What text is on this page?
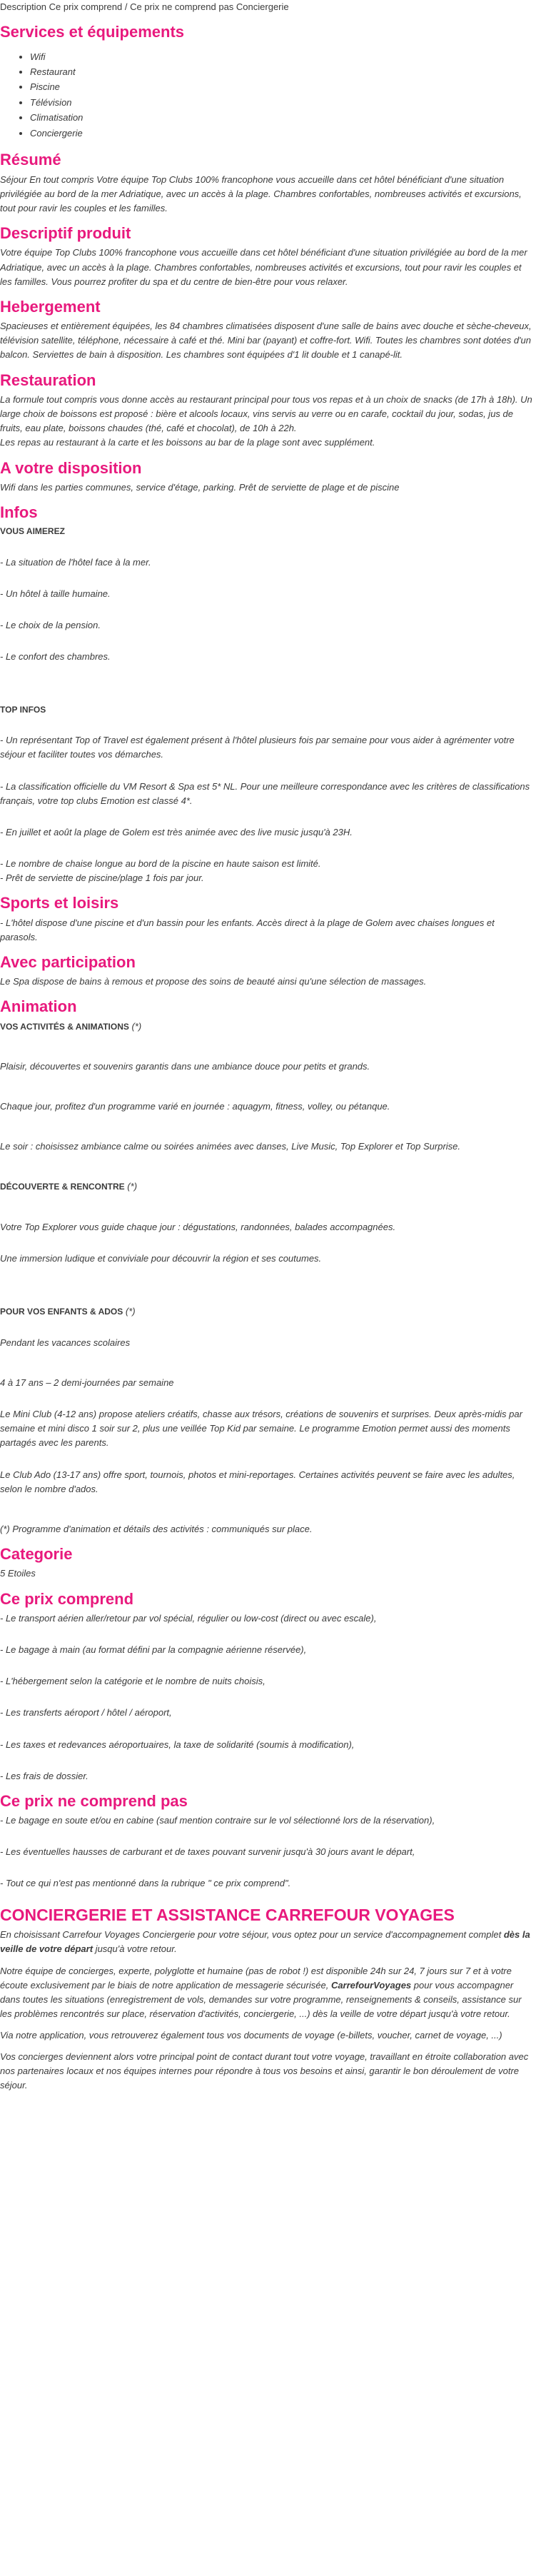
Description Ce prix comprend / Ce prix ne comprend pas Conciergerie

Services et équipements
• Wifi
• Restaurant
• Piscine
• Télévision
• Climatisation
• Conciergerie
Résumé

Séjour En tout compris Votre équipe Top Clubs 100% francophone vous accueille dans cet hôtel bénéficiant d'une situation privilégiée au bord de la mer Adriatique, avec un accès à la plage. Chambres confortables, nombreuses activités et excursions, tout pour ravir les couples et les familles.

Descriptif produit

Votre équipe Top Clubs 100% francophone vous accueille dans cet hôtel bénéficiant d'une situation privilégiée au bord de la mer Adriatique, avec un accès à la plage. Chambres confortables, nombreuses activités et excursions, tout pour ravir les couples et les familles. Vous pourrez profiter du spa et du centre de bien-être pour vous relaxer.

Hebergement

Spacieuses et entièrement équipées, les 84 chambres climatisées disposent d'une salle de bains avec douche et sèche-cheveux, télévision satellite, téléphone, nécessaire à café et thé. Mini bar (payant) et coffre-fort. Wifi. Toutes les chambres sont dotées d'un balcon. Serviettes de bain à disposition. Les chambres sont équipées d'1 lit double et 1 canapé-lit.

Restauration

La formule tout compris vous donne accès au restaurant principal pour tous vos repas et à un choix de snacks (de 17h à 18h). Un large choix de boissons est proposé : bière et alcools locaux, vins servis au verre ou en carafe, cocktail du jour, sodas, jus de fruits, eau plate, boissons chaudes (thé, café et chocolat), de 10h à 22h.

Les repas au restaurant à la carte et les boissons au bar de la plage sont avec supplément.

A votre disposition

Wifi dans les parties communes, service d'étage, parking. Prêt de serviette de plage et de piscine

Infos

VOUS AIMEREZ

- La situation de l'hôtel face à la mer.

- Un hôtel à taille humaine.

- Le choix de la pension.

- Le confort des chambres.

TOP INFOS

- Un représentant Top of Travel est également présent à l'hôtel plusieurs fois par semaine pour vous aider à agrémenter votre séjour et faciliter toutes vos démarches.

- La classification officielle du VM Resort & Spa est 5* NL. Pour une meilleure correspondance avec les critères de classifications français, votre top clubs Emotion est classé 4*.

- En juillet et août la plage de Golem est très animée avec des live music jusqu'à 23H.

- Le nombre de chaise longue au bord de la piscine en haute saison est limité.

- Prêt de serviette de piscine/plage 1 fois par jour.

Sports et loisirs

- L'hôtel dispose d'une piscine et d'un bassin pour les enfants. Accès direct à la plage de Golem avec chaises longues et parasols.

Avec participation

Le Spa dispose de bains à remous et propose des soins de beauté ainsi qu'une sélection de massages.

Animation

VOS ACTIVITÉS & ANIMATIONS (*)

Plaisir, découvertes et souvenirs garantis dans une ambiance douce pour petits et grands.

Chaque jour, profitez d'un programme varié en journée : aquagym, fitness, volley, ou pétanque.

Le soir : choisissez ambiance calme ou soirées animées avec danses, Live Music, Top Explorer et Top Surprise.

DÉCOUVERTE & RENCONTRE (*)

Votre Top Explorer vous guide chaque jour : dégustations, randonnées, balades accompagnées.

Une immersion ludique et conviviale pour découvrir la région et ses coutumes.

POUR VOS ENFANTS & ADOS (*)

Pendant les vacances scolaires

4 à 17 ans – 2 demi-journées par semaine

Le Mini Club (4-12 ans) propose ateliers créatifs, chasse aux trésors, créations de souvenirs et surprises. Deux après-midis par semaine et mini disco 1 soir sur 2, plus une veillée Top Kid par semaine. Le programme Emotion permet aussi des moments partagés avec les parents.

Le Club Ado (13-17 ans) offre sport, tournois, photos et mini-reportages. Certaines activités peuvent se faire avec les adultes, selon le nombre d'ados.

(*) Programme d'animation et détails des activités : communiqués sur place.

Categorie

5 Etoiles

Ce prix comprend

- Le transport aérien aller/retour par vol spécial, régulier ou low-cost (direct ou avec escale),

- Le bagage à main (au format défini par la compagnie aérienne réservée),

- L'hébergement selon la catégorie et le nombre de nuits choisis,

- Les transferts aéroport / hôtel / aéroport,

- Les taxes et redevances aéroportuaires, la taxe de solidarité (soumis à modification),

- Les frais de dossier.

Ce prix ne comprend pas

- Le bagage en soute et/ou en cabine (sauf mention contraire sur le vol sélectionné lors de la réservation),

- Les éventuelles hausses de carburant et de taxes pouvant survenir jusqu'à 30 jours avant le départ,

- Tout ce qui n'est pas mentionné dans la rubrique " ce prix comprend".

CONCIERGERIE ET ASSISTANCE CARREFOUR VOYAGES

En choisissant Carrefour Voyages Conciergerie pour votre séjour, vous optez pour un service d'accompagnement complet dès la veille de votre départ jusqu'à votre retour.

Notre équipe de concierges, experte, polyglotte et humaine (pas de robot !) est disponible 24h sur 24, 7 jours sur 7 et à votre écoute exclusivement par le biais de notre application de messagerie sécurisée, CarrefourVoyages pour vous accompagner dans toutes les situations (enregistrement de vols, demandes sur votre programme, renseignements & conseils, assistance sur les problèmes rencontrés sur place, réservation d'activités, conciergerie, ...) dès la veille de votre départ jusqu'à votre retour.

Via notre application, vous retrouverez également tous vos documents de voyage (e-billets, voucher, carnet de voyage, ...)

Vos concierges deviennent alors votre principal point de contact durant tout votre voyage, travaillant en étroite collaboration avec nos partenaires locaux et nos équipes internes pour répondre à tous vos besoins et ainsi, garantir le bon déroulement de votre séjour.
